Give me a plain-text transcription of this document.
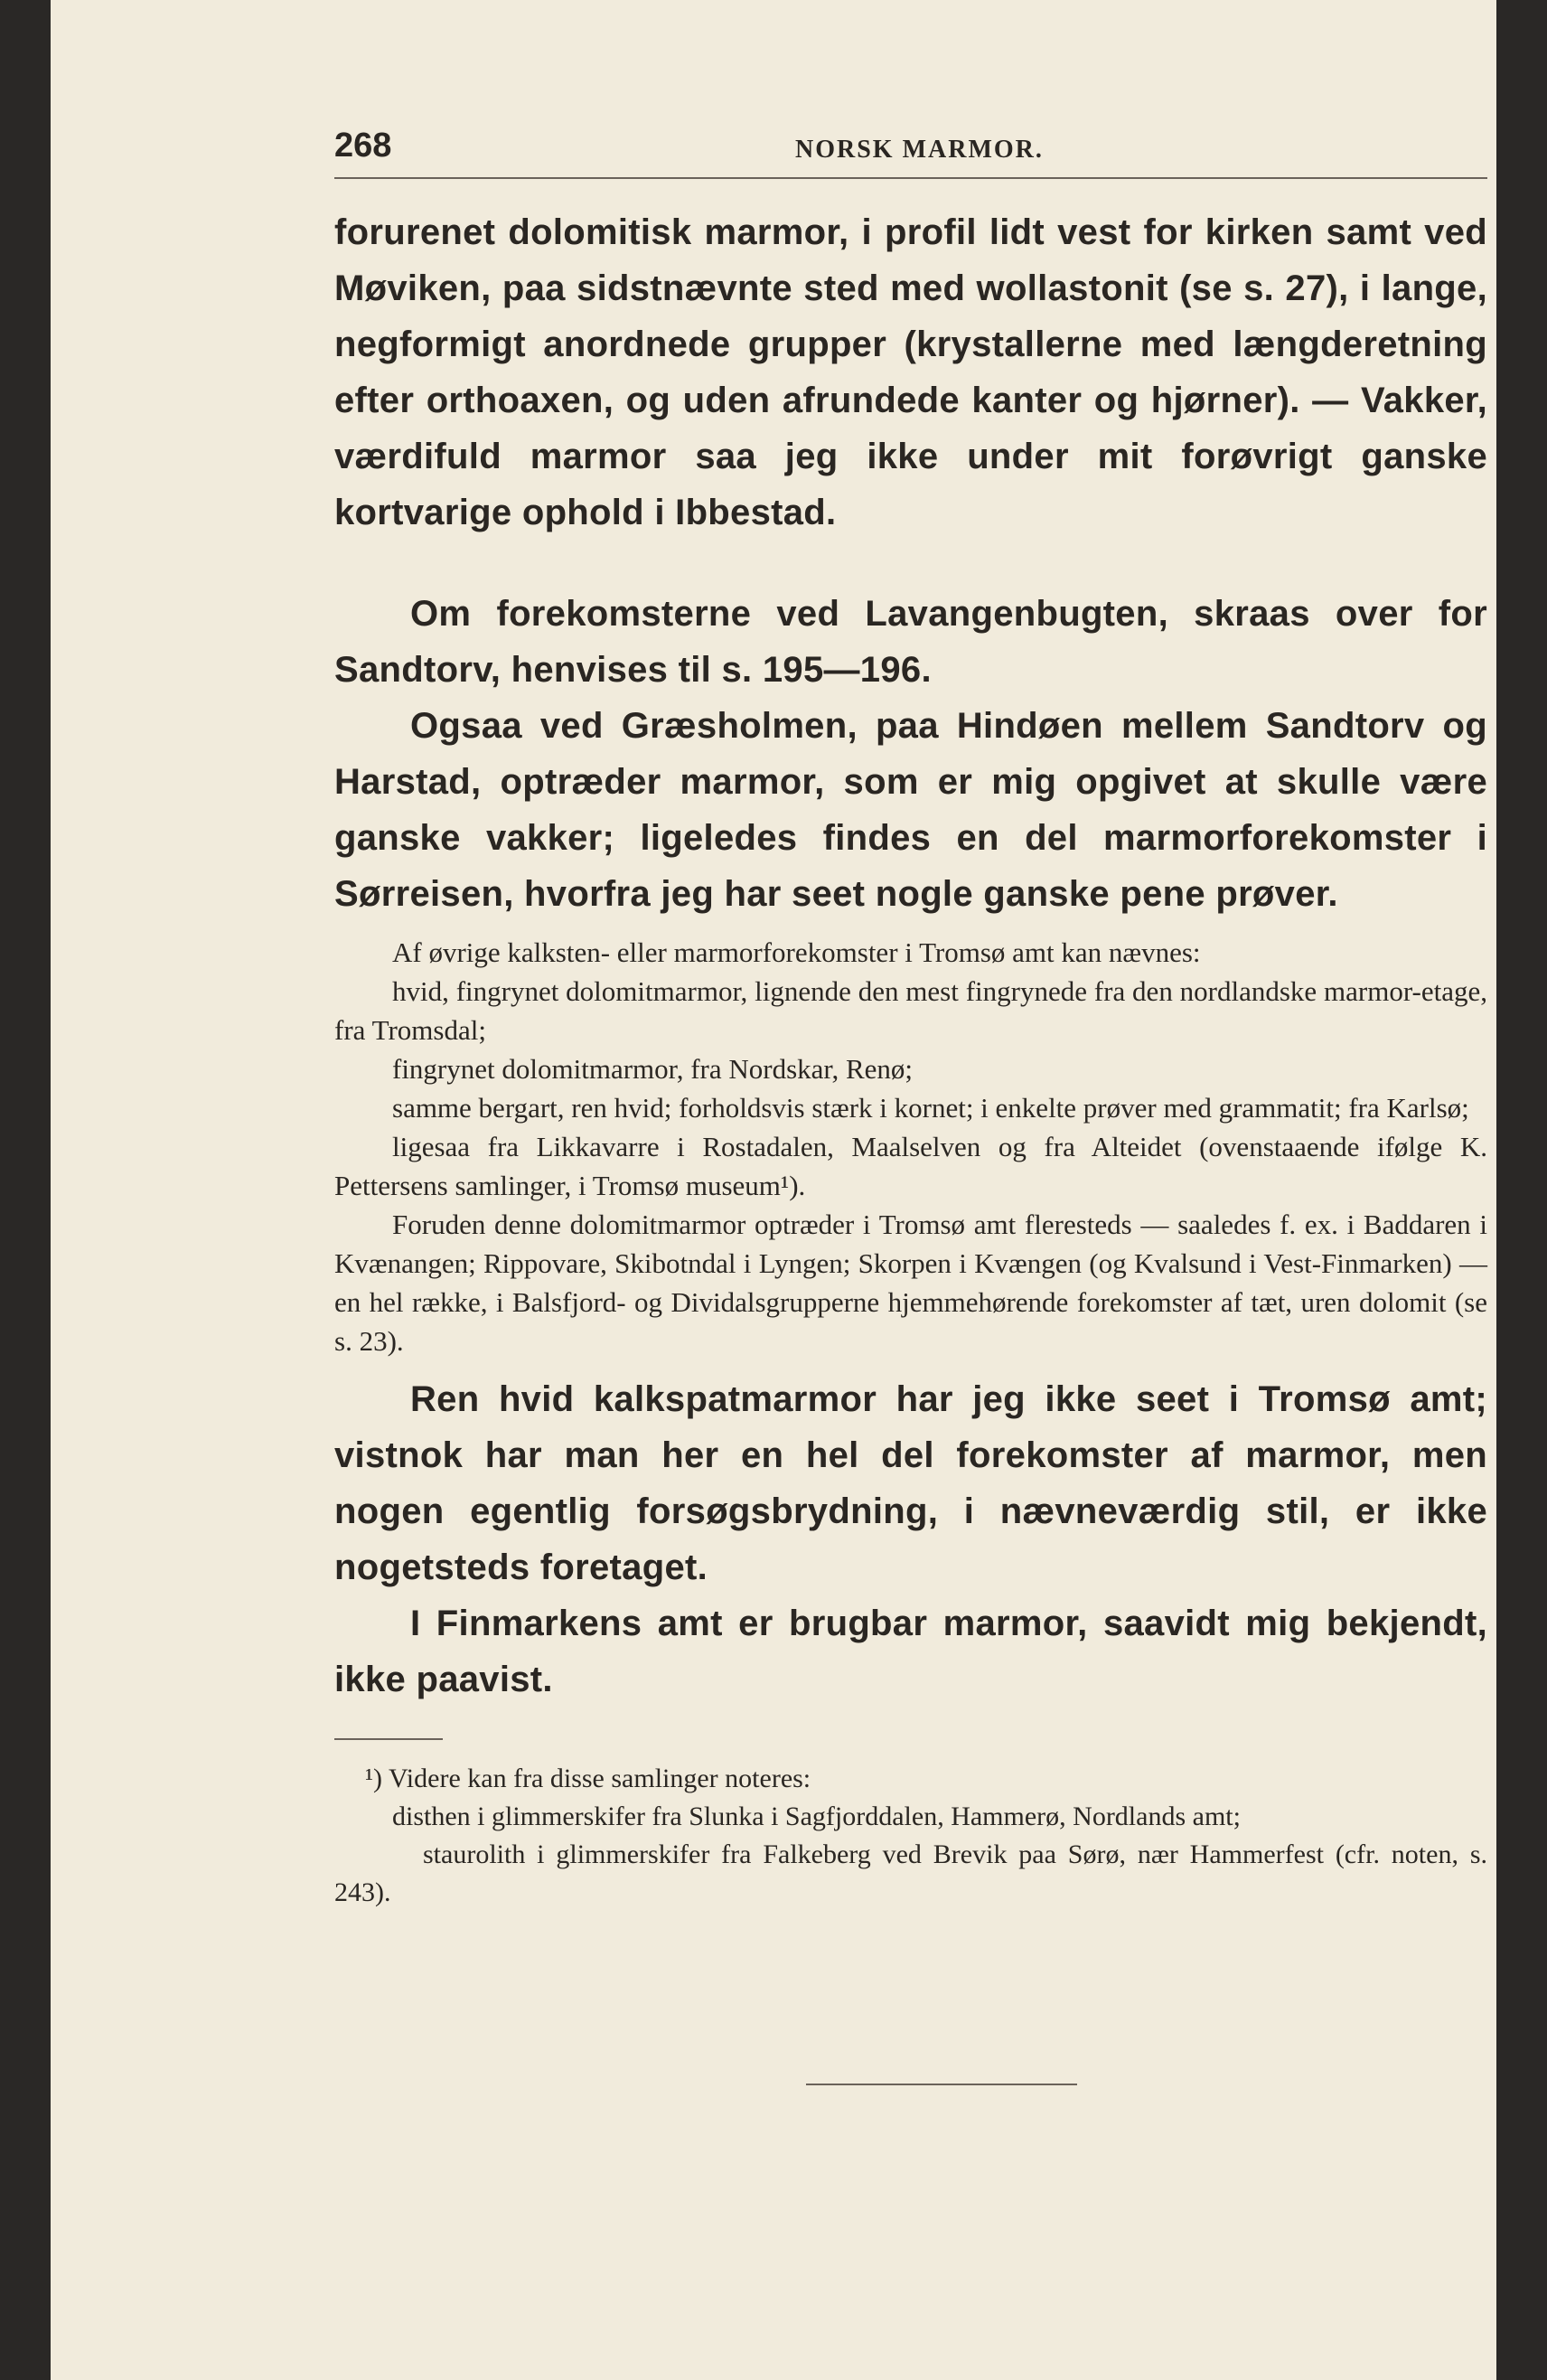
268	NORSK MARMOR.

forurenet dolomitisk marmor, i profil lidt vest for kirken samt ved Møviken, paa sidstnævnte sted med wollastonit (se s. 27), i lange, negformigt anordnede grupper (krystallerne med længderetning efter orthoaxen, og uden afrundede kanter og hjørner). — Vakker, værdifuld marmor saa jeg ikke under mit forøvrigt ganske kortvarige ophold i Ibbestad.

Om forekomsterne ved Lavangenbugten, skraas over for Sandtorv, henvises til s. 195—196.

Ogsaa ved Græsholmen, paa Hindøen mellem Sandtorv og Harstad, optræder marmor, som er mig opgivet at skulle være ganske vakker; ligeledes findes en del marmorforekomster i Sørreisen, hvorfra jeg har seet nogle ganske pene prøver.

Af øvrige kalksten- eller marmorforekomster i Tromsø amt kan nævnes:

hvid, fingrynet dolomitmarmor, lignende den mest fingrynede fra den nordlandske marmor-etage, fra Tromsdal;

fingrynet dolomitmarmor, fra Nordskar, Renø;

samme bergart, ren hvid; forholdsvis stærk i kornet; i enkelte prøver med grammatit; fra Karlsø;

ligesaa fra Likkavarre i Rostadalen, Maalselven og fra Alteidet (ovenstaaende ifølge K. Pettersens samlinger, i Tromsø museum¹).

Foruden denne dolomitmarmor optræder i Tromsø amt fleresteds — saaledes f. ex. i Baddaren i Kvænangen; Rippovare, Skibotndal i Lyngen; Skorpen i Kvængen (og Kvalsund i Vest-Finmarken) — en hel række, i Balsfjord- og Dividalsgrupperne hjemmehørende forekomster af tæt, uren dolomit (se s. 23).

Ren hvid kalkspatmarmor har jeg ikke seet i Tromsø amt; vistnok har man her en hel del forekomster af marmor, men nogen egentlig forsøgsbrydning, i nævneværdig stil, er ikke nogetsteds foretaget.

I Finmarkens amt er brugbar marmor, saavidt mig bekjendt, ikke paavist.

¹) Videre kan fra disse samlinger noteres:

disthen i glimmerskifer fra Slunka i Sagfjorddalen, Hammerø, Nordlands amt;

staurolith i glimmerskifer fra Falkeberg ved Brevik paa Sørø, nær Hammerfest (cfr. noten, s. 243).
